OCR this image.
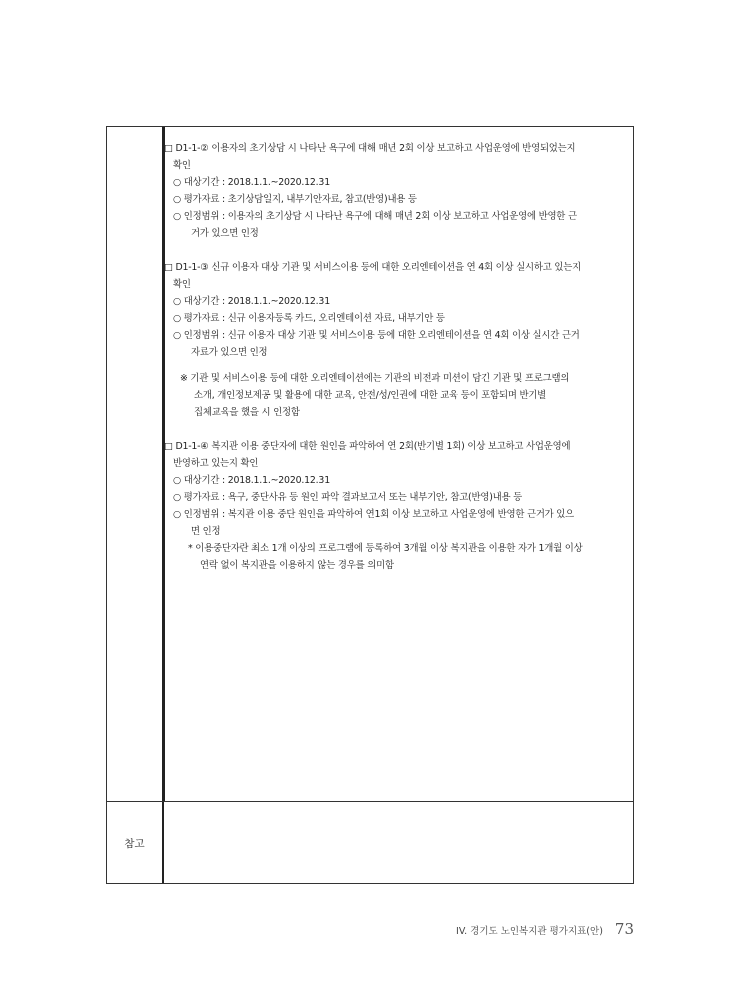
참고
□ D1-1-② 이용자의 초기상담 시 나타난 욕구에 대해 매년 2회 이상 보고하고 사업운영에 반영되었는지
확인
○ 대상기간 : 2018.1.1.~2020.12.31
○ 평가자료 : 초기상담일지, 내부기안자료, 참고(반영)내용 등
○ 인정범위 : 이용자의 초기상담 시 나타난 욕구에 대해 매년 2회 이상 보고하고 사업운영에 반영한 근
거가 있으면 인정
□ D1-1-③ 신규 이용자 대상 기관 및 서비스이용 등에 대한 오리엔테이션을 연 4회 이상 실시하고 있는지
확인
○ 대상기간 : 2018.1.1.~2020.12.31
○ 평가자료 : 신규 이용자등록 카드, 오리엔테이션 자료, 내부기안 등
○ 인정범위 : 신규 이용자 대상 기관 및 서비스이용 등에 대한 오리엔테이션을 연 4회 이상 실시간 근거
자료가 있으면 인정
※ 기관 및 서비스이용 등에 대한 오리엔테이션에는 기관의 비전과 미션이 담긴 기관 및 프로그램의
소개, 개인정보제공 및 활용에 대한 교육, 안전/성/인권에 대한 교육 등이 포함되며 반기별
집체교육을 했을 시 인정함
□ D1-1-④ 복지관 이용 중단자에 대한 원인을 파악하여 연 2회(반기별 1회) 이상 보고하고 사업운영에
반영하고 있는지 확인
○ 대상기간 : 2018.1.1.~2020.12.31
○ 평가자료 : 욕구, 중단사유 등 원인 파악 결과보고서 또는 내부기안, 참고(반영)내용 등
○ 인정범위 : 복지관 이용 중단 원인을 파악하여 연1회 이상 보고하고 사업운영에 반영한 근거가 있으
면 인정
* 이용중단자란 최소 1개 이상의 프로그램에 등록하여 3개월 이상 복지관을 이용한 자가 1개월 이상
연락 없이 복지관을 이용하지 않는 경우를 의미함
IV. 경기도 노인복지관 평가지표(안) 73
